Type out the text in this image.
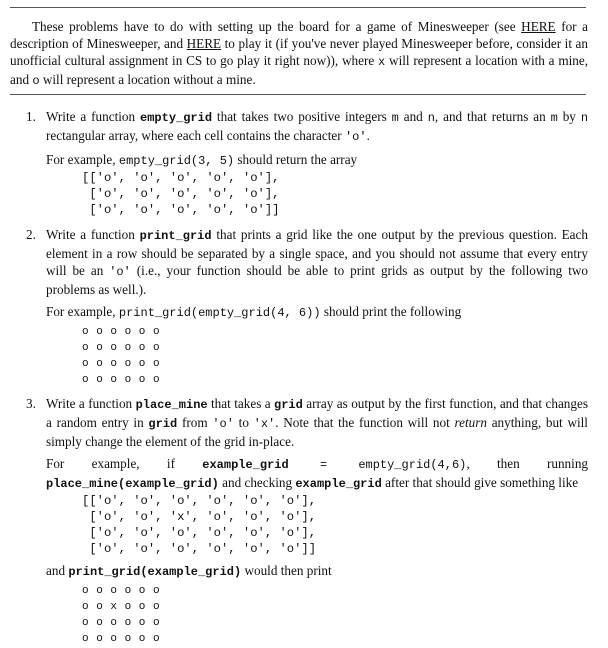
These problems have to do with setting up the board for a game of Minesweeper (see HERE for a description of Minesweeper, and HERE to play it (if you've never played Minesweeper before, consider it an unofficial cultural assignment in CS to go play it right now)), where x will represent a location with a mine, and o will represent a location without a mine.

1. Write a function empty_grid that takes two positive integers m and n, and that returns an m by n rectangular array, where each cell contains the character 'o'.
For example, empty_grid(3, 5) should return the array
[['o', 'o', 'o', 'o', 'o'],
['o', 'o', 'o', 'o', 'o'],
['o', 'o', 'o', 'o', 'o']]
2. Write a function print_grid that prints a grid like the one output by the previous question. Each element in a row should be separated by a single space, and you should not assume that every entry will be an 'o' (i.e., your function should be able to print grids as output by the following two problems as well.).
For example, print_grid(empty_grid(4, 6)) should print the following
o o o o o o
o o o o o o
o o o o o o
o o o o o o
3. Write a function place_mine that takes a grid array as output by the first function, and that changes a random entry in grid from 'o' to 'x'. Note that the function will not return anything, but will simply change the element of the grid in-place.
For example, if example_grid = empty_grid(4,6), then running place_mine(example_grid) and checking example_grid after that should give something like
[['o', 'o', 'o', 'o', 'o', 'o'],
['o', 'o', 'x', 'o', 'o', 'o'],
['o', 'o', 'o', 'o', 'o', 'o'],
['o', 'o', 'o', 'o', 'o', 'o']]
and print_grid(example_grid) would then print
o o o o o o
o o x o o o
o o o o o o
o o o o o o
